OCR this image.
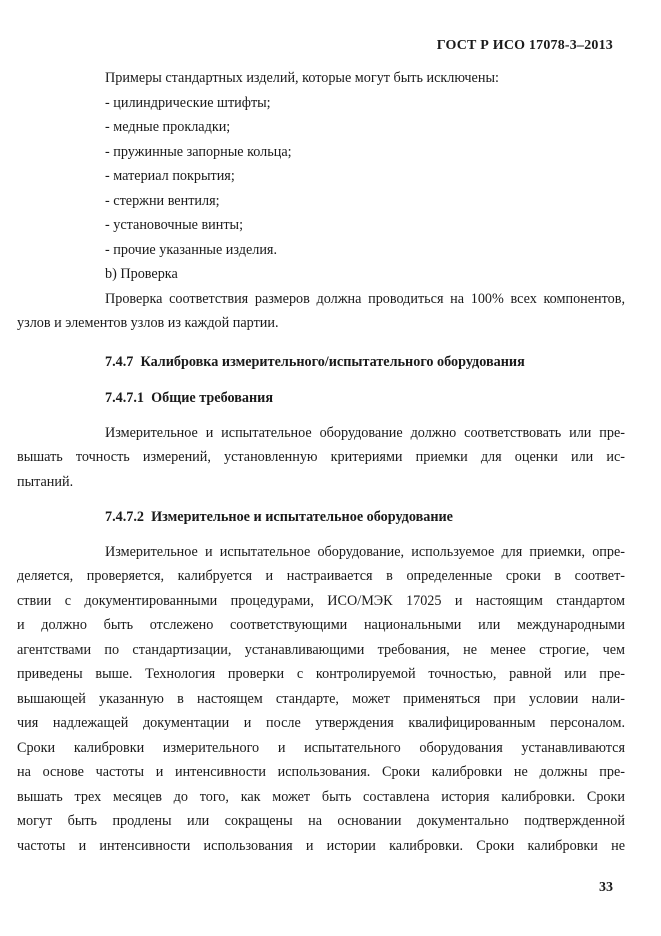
ГОСТ Р ИСО 17078-3–2013

Примеры стандартных изделий, которые могут быть исключены:

- цилиндрические штифты;

- медные прокладки;

- пружинные запорные кольца;

- материал покрытия;

- стержни вентиля;

- установочные винты;

- прочие указанные изделия.

b) Проверка

Проверка соответствия размеров должна проводиться на 100% всех компонентов,

узлов и элементов узлов из каждой партии.

7.4.7 Калибровка измерительного/испытательного оборудования

7.4.7.1 Общие требования

Измерительное и испытательное оборудование должно соответствовать или пре-

вышать точность измерений, установленную критериями приемки для оценки или ис-

пытаний.

7.4.7.2 Измерительное и испытательное оборудование

Измерительное и испытательное оборудование, используемое для приемки, опре-

деляется, проверяется, калибруется и настраивается в определенные сроки в соответ-

ствии с документированными процедурами, ИСО/МЭК 17025 и настоящим стандартом

и должно быть отслежено соответствующими национальными или международными

агентствами по стандартизации, устанавливающими требования, не менее строгие, чем

приведены выше. Технология проверки с контролируемой точностью, равной или пре-

вышающей указанную в настоящем стандарте, может применяться при условии нали-

чия надлежащей документации и после утверждения квалифицированным персоналом.

Сроки калибровки измерительного и испытательного оборудования устанавливаются

на основе частоты и интенсивности использования. Сроки калибровки не должны пре-

вышать трех месяцев до того, как может быть составлена история калибровки. Сроки

могут быть продлены или сокращены на основании документально подтвержденной

частоты и интенсивности использования и истории калибровки. Сроки калибровки не

33
